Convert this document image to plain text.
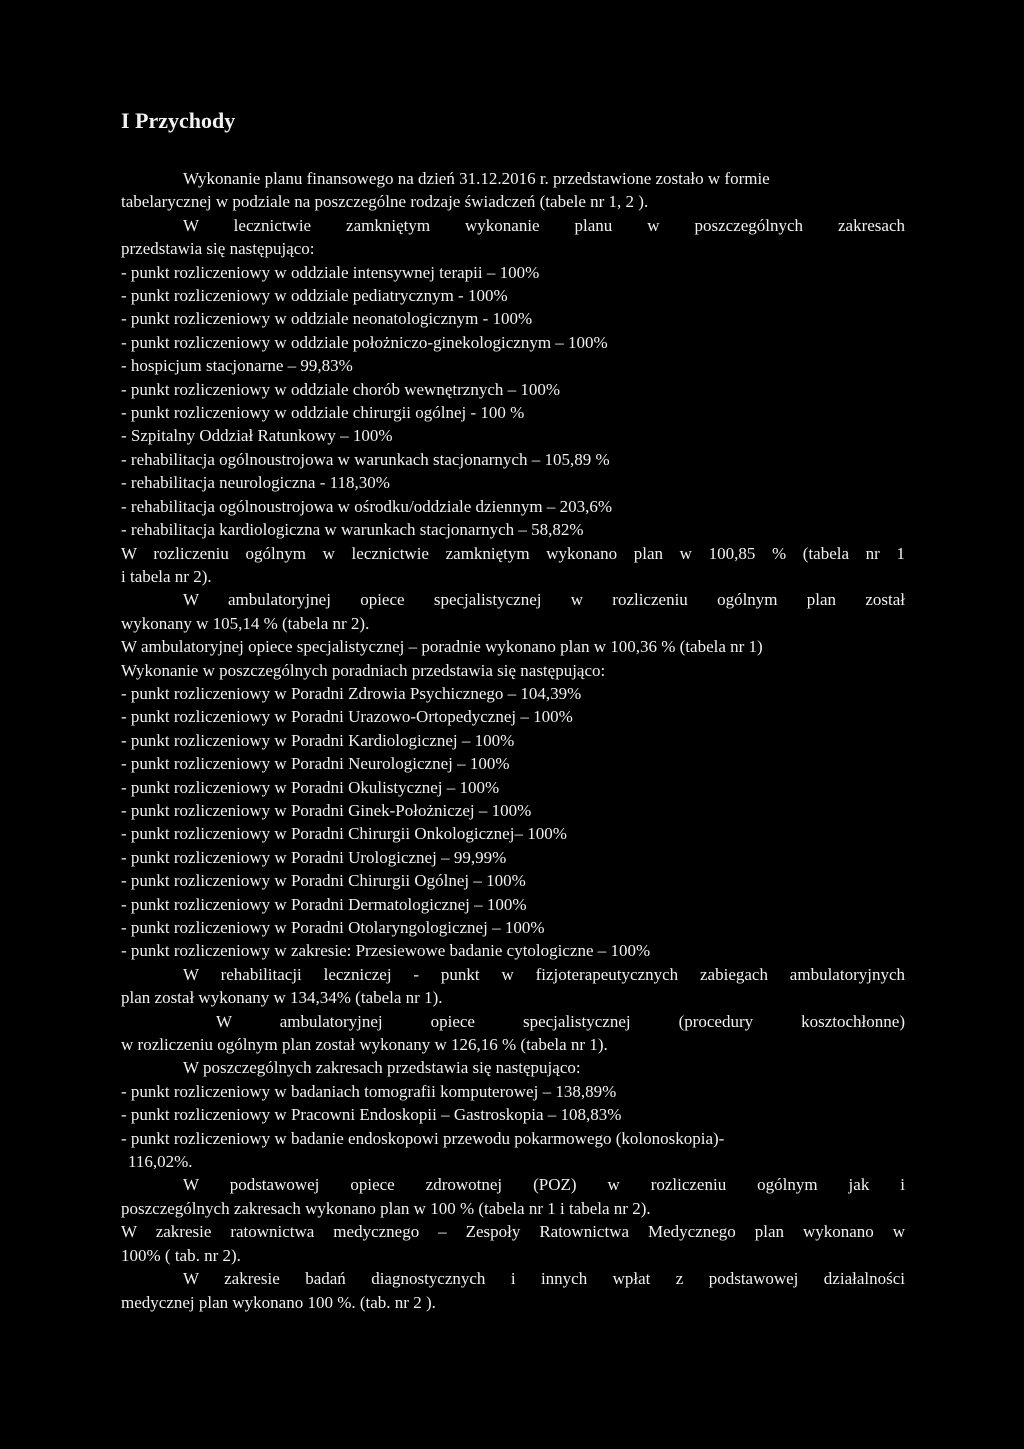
I Przychody
Wykonanie planu finansowego na dzień 31.12.2016 r. przedstawione zostało w formie
tabelarycznej w podziale na poszczególne rodzaje świadczeń (tabele nr 1, 2 ).
W lecznictwie zamkniętym wykonanie planu w poszczególnych zakresach
przedstawia się następująco:
- punkt rozliczeniowy w oddziale intensywnej terapii – 100%
- punkt rozliczeniowy w oddziale pediatrycznym - 100%
- punkt rozliczeniowy w oddziale neonatologicznym - 100%
- punkt rozliczeniowy w oddziale położniczo-ginekologicznym – 100%
- hospicjum stacjonarne – 99,83%
- punkt rozliczeniowy w oddziale chorób wewnętrznych – 100%
- punkt rozliczeniowy w oddziale chirurgii ogólnej - 100 %
- Szpitalny Oddział Ratunkowy – 100%
- rehabilitacja ogólnoustrojowa w warunkach stacjonarnych – 105,89 %
- rehabilitacja neurologiczna - 118,30%
- rehabilitacja ogólnoustrojowa w ośrodku/oddziale dziennym – 203,6%
- rehabilitacja kardiologiczna w warunkach stacjonarnych – 58,82%
W rozliczeniu ogólnym w lecznictwie zamkniętym wykonano plan w 100,85 % (tabela nr 1
i tabela nr 2).
W ambulatoryjnej opiece specjalistycznej w rozliczeniu ogólnym plan został
wykonany w 105,14 % (tabela nr 2).
W ambulatoryjnej opiece specjalistycznej – poradnie wykonano plan w 100,36 % (tabela nr 1)
Wykonanie w poszczególnych poradniach przedstawia się następująco:
- punkt rozliczeniowy w Poradni Zdrowia Psychicznego – 104,39%
- punkt rozliczeniowy w Poradni Urazowo-Ortopedycznej – 100%
- punkt rozliczeniowy w Poradni Kardiologicznej – 100%
- punkt rozliczeniowy w Poradni Neurologicznej – 100%
- punkt rozliczeniowy w Poradni Okulistycznej – 100%
- punkt rozliczeniowy w Poradni Ginek-Położniczej – 100%
- punkt rozliczeniowy w Poradni Chirurgii Onkologicznej– 100%
- punkt rozliczeniowy w Poradni Urologicznej – 99,99%
- punkt rozliczeniowy w Poradni Chirurgii Ogólnej – 100%
- punkt rozliczeniowy w Poradni Dermatologicznej – 100%
- punkt rozliczeniowy w Poradni Otolaryngologicznej – 100%
- punkt rozliczeniowy w zakresie: Przesiewowe badanie cytologiczne – 100%
W rehabilitacji leczniczej - punkt w fizjoterapeutycznych zabiegach ambulatoryjnych
plan został wykonany w 134,34% (tabela nr 1).
W ambulatoryjnej opiece specjalistycznej (procedury kosztochłonne)
w rozliczeniu ogólnym plan został wykonany w 126,16 % (tabela nr 1).
W poszczególnych zakresach przedstawia się następująco:
- punkt rozliczeniowy w badaniach tomografii komputerowej – 138,89%
- punkt rozliczeniowy w Pracowni Endoskopii – Gastroskopia – 108,83%
- punkt rozliczeniowy w badanie endoskopowi przewodu pokarmowego (kolonoskopia)-
116,02%.
W podstawowej opiece zdrowotnej (POZ) w rozliczeniu ogólnym jak i
poszczególnych zakresach wykonano plan w 100 % (tabela nr 1 i tabela nr 2).
W zakresie ratownictwa medycznego – Zespoły Ratownictwa Medycznego plan wykonano w
100% ( tab. nr 2).
W zakresie badań diagnostycznych i innych wpłat z podstawowej działalności
medycznej plan wykonano 100 %. (tab. nr 2 ).
